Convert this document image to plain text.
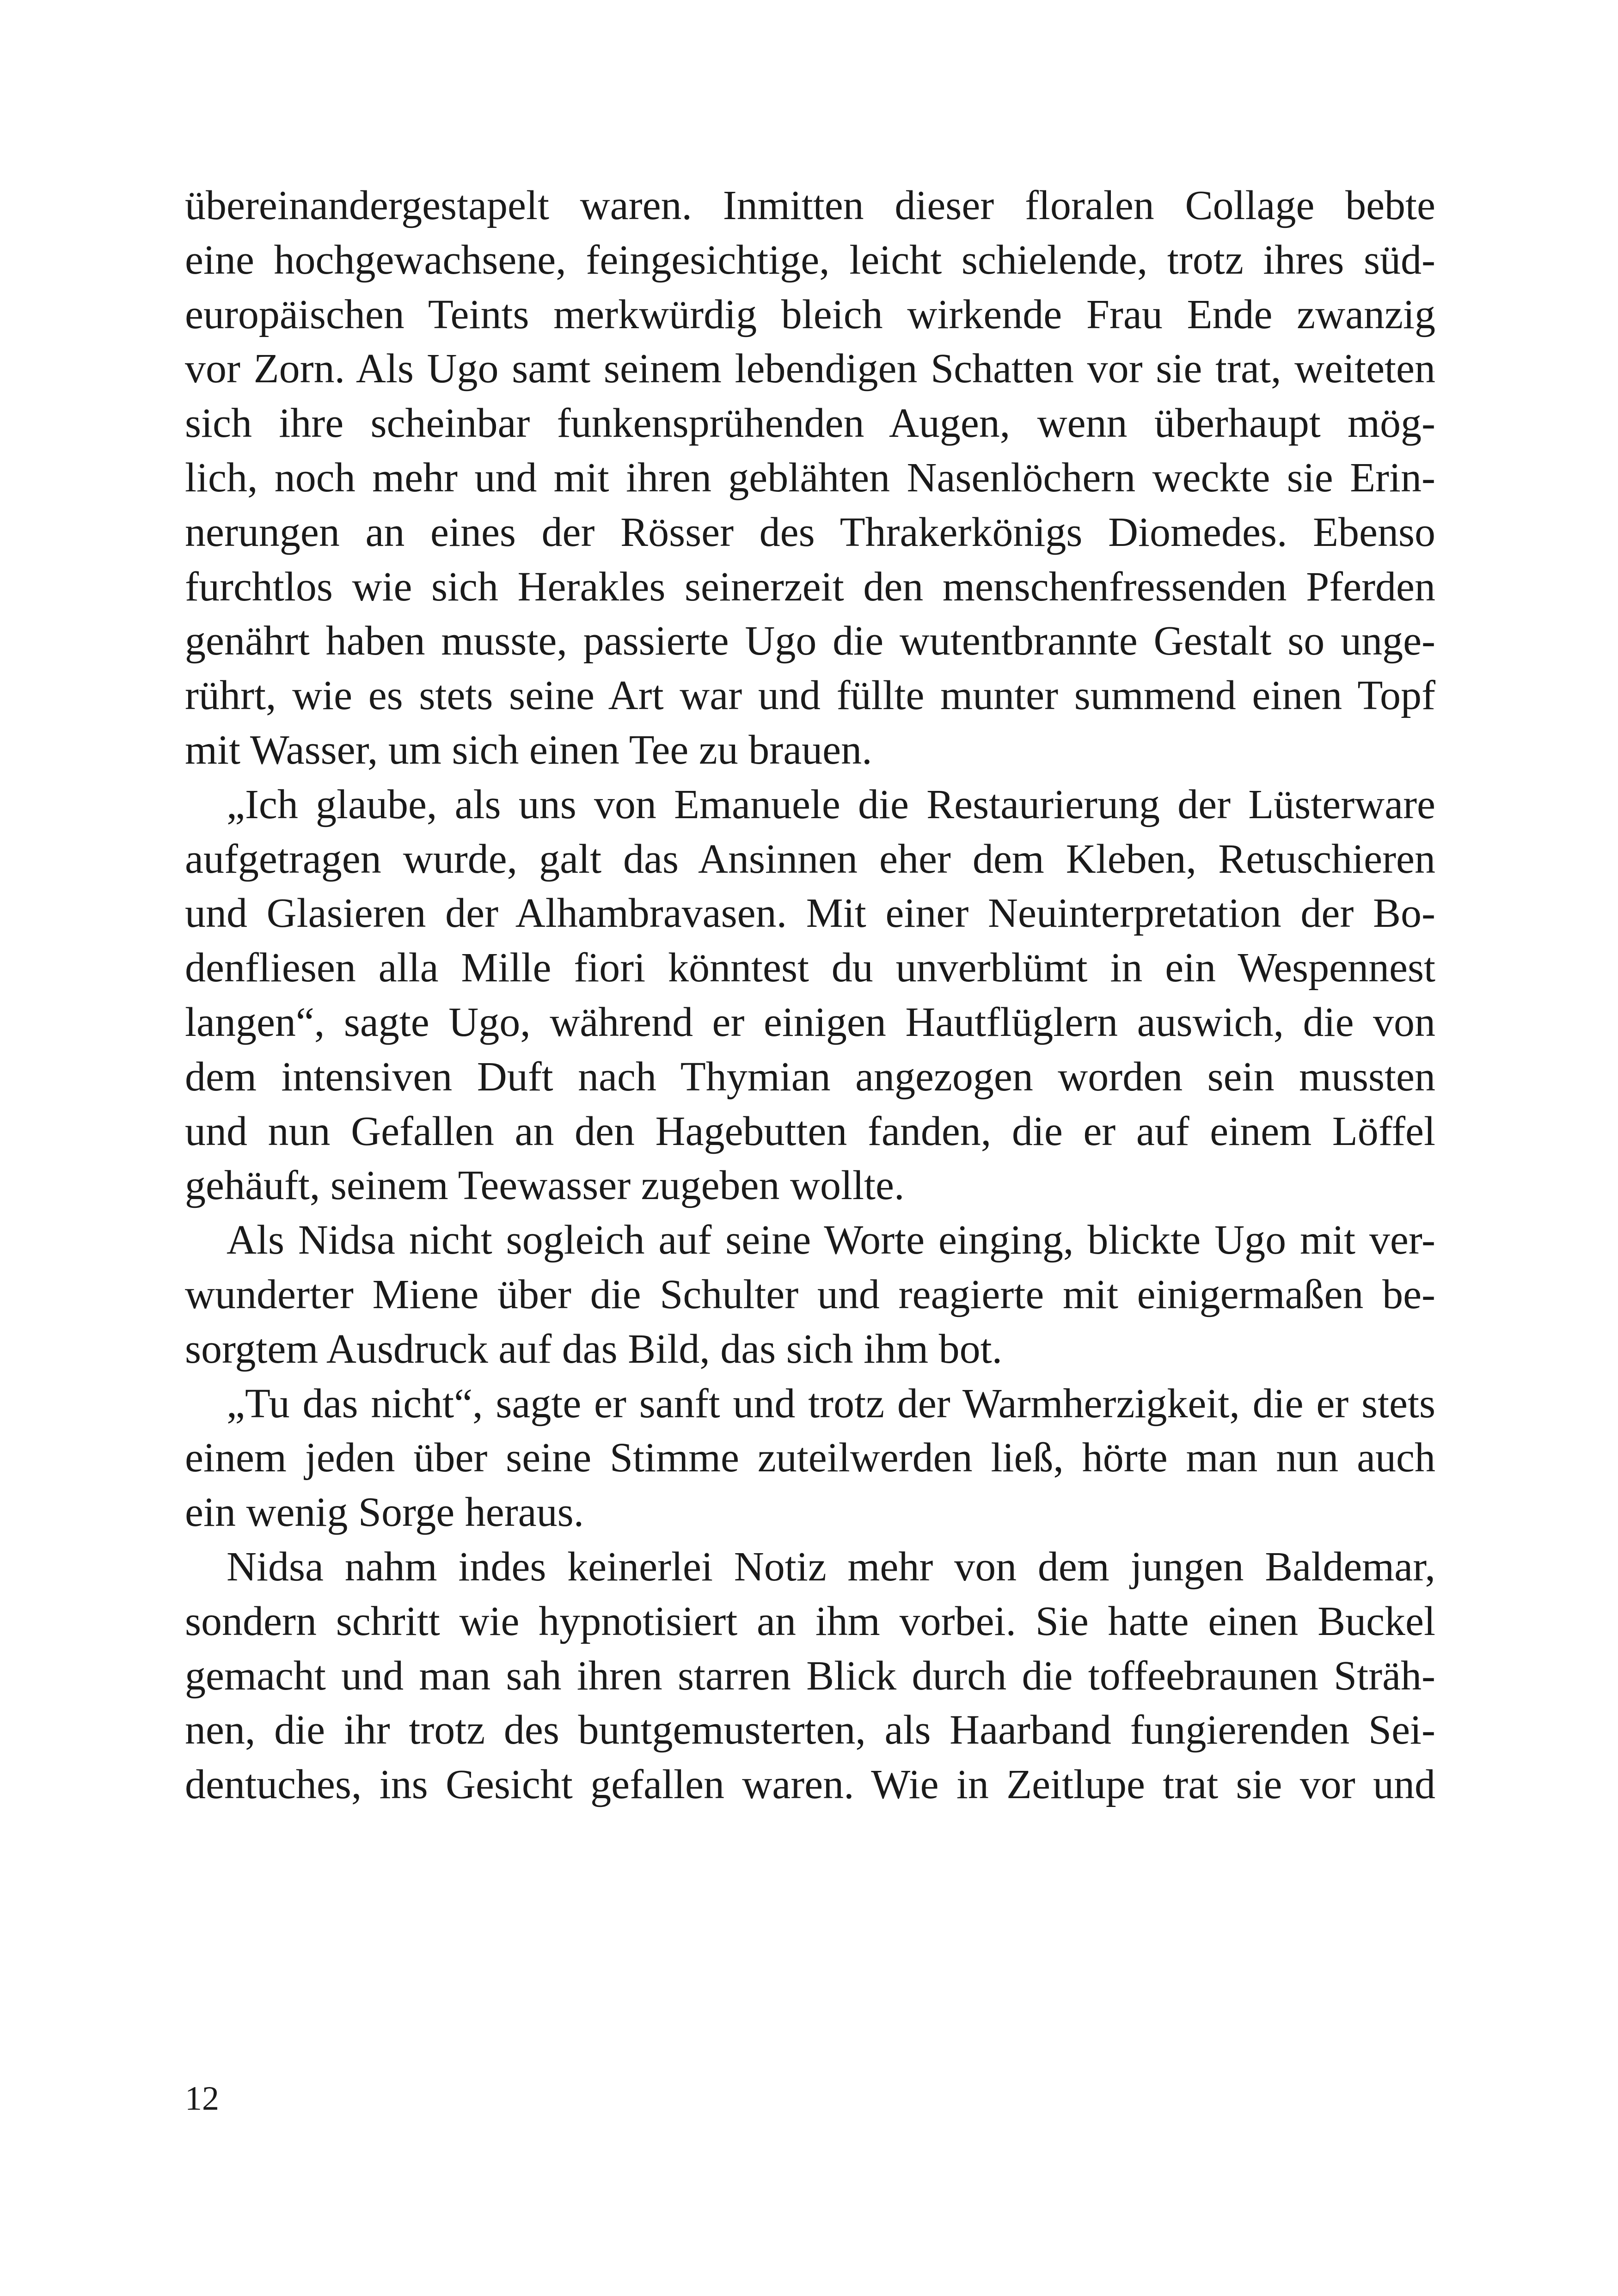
übereinandergestapelt waren. Inmitten dieser floralen Collage bebte
eine hochgewachsene, feingesichtige, leicht schielende, trotz ihres süd-
europäischen Teints merkwürdig bleich wirkende Frau Ende zwanzig
vor Zorn. Als Ugo samt seinem lebendigen Schatten vor sie trat, weiteten
sich ihre scheinbar funkensprühenden Augen, wenn überhaupt mög-
lich, noch mehr und mit ihren geblähten Nasenlöchern weckte sie Erin-
nerungen an eines der Rösser des Thrakerkönigs Diomedes. Ebenso
furchtlos wie sich Herakles seinerzeit den menschenfressenden Pferden
genährt haben musste, passierte Ugo die wutentbrannte Gestalt so unge-
rührt, wie es stets seine Art war und füllte munter summend einen Topf
mit Wasser, um sich einen Tee zu brauen.
„Ich glaube, als uns von Emanuele die Restaurierung der Lüsterware
aufgetragen wurde, galt das Ansinnen eher dem Kleben, Retuschieren
und Glasieren der Alhambravasen. Mit einer Neuinterpretation der Bo-
denfliesen alla Mille fiori könntest du unverblümt in ein Wespennest
langen“, sagte Ugo, während er einigen Hautflüglern auswich, die von
dem intensiven Duft nach Thymian angezogen worden sein mussten
und nun Gefallen an den Hagebutten fanden, die er auf einem Löffel
gehäuft, seinem Teewasser zugeben wollte.
Als Nidsa nicht sogleich auf seine Worte einging, blickte Ugo mit ver-
wunderter Miene über die Schulter und reagierte mit einigermaßen be-
sorgtem Ausdruck auf das Bild, das sich ihm bot.
„Tu das nicht“, sagte er sanft und trotz der Warmherzigkeit, die er stets
einem jeden über seine Stimme zuteilwerden ließ, hörte man nun auch
ein wenig Sorge heraus.
Nidsa nahm indes keinerlei Notiz mehr von dem jungen Baldemar,
sondern schritt wie hypnotisiert an ihm vorbei. Sie hatte einen Buckel
gemacht und man sah ihren starren Blick durch die toffeebraunen Sträh-
nen, die ihr trotz des buntgemusterten, als Haarband fungierenden Sei-
dentuches, ins Gesicht gefallen waren. Wie in Zeitlupe trat sie vor und
12
